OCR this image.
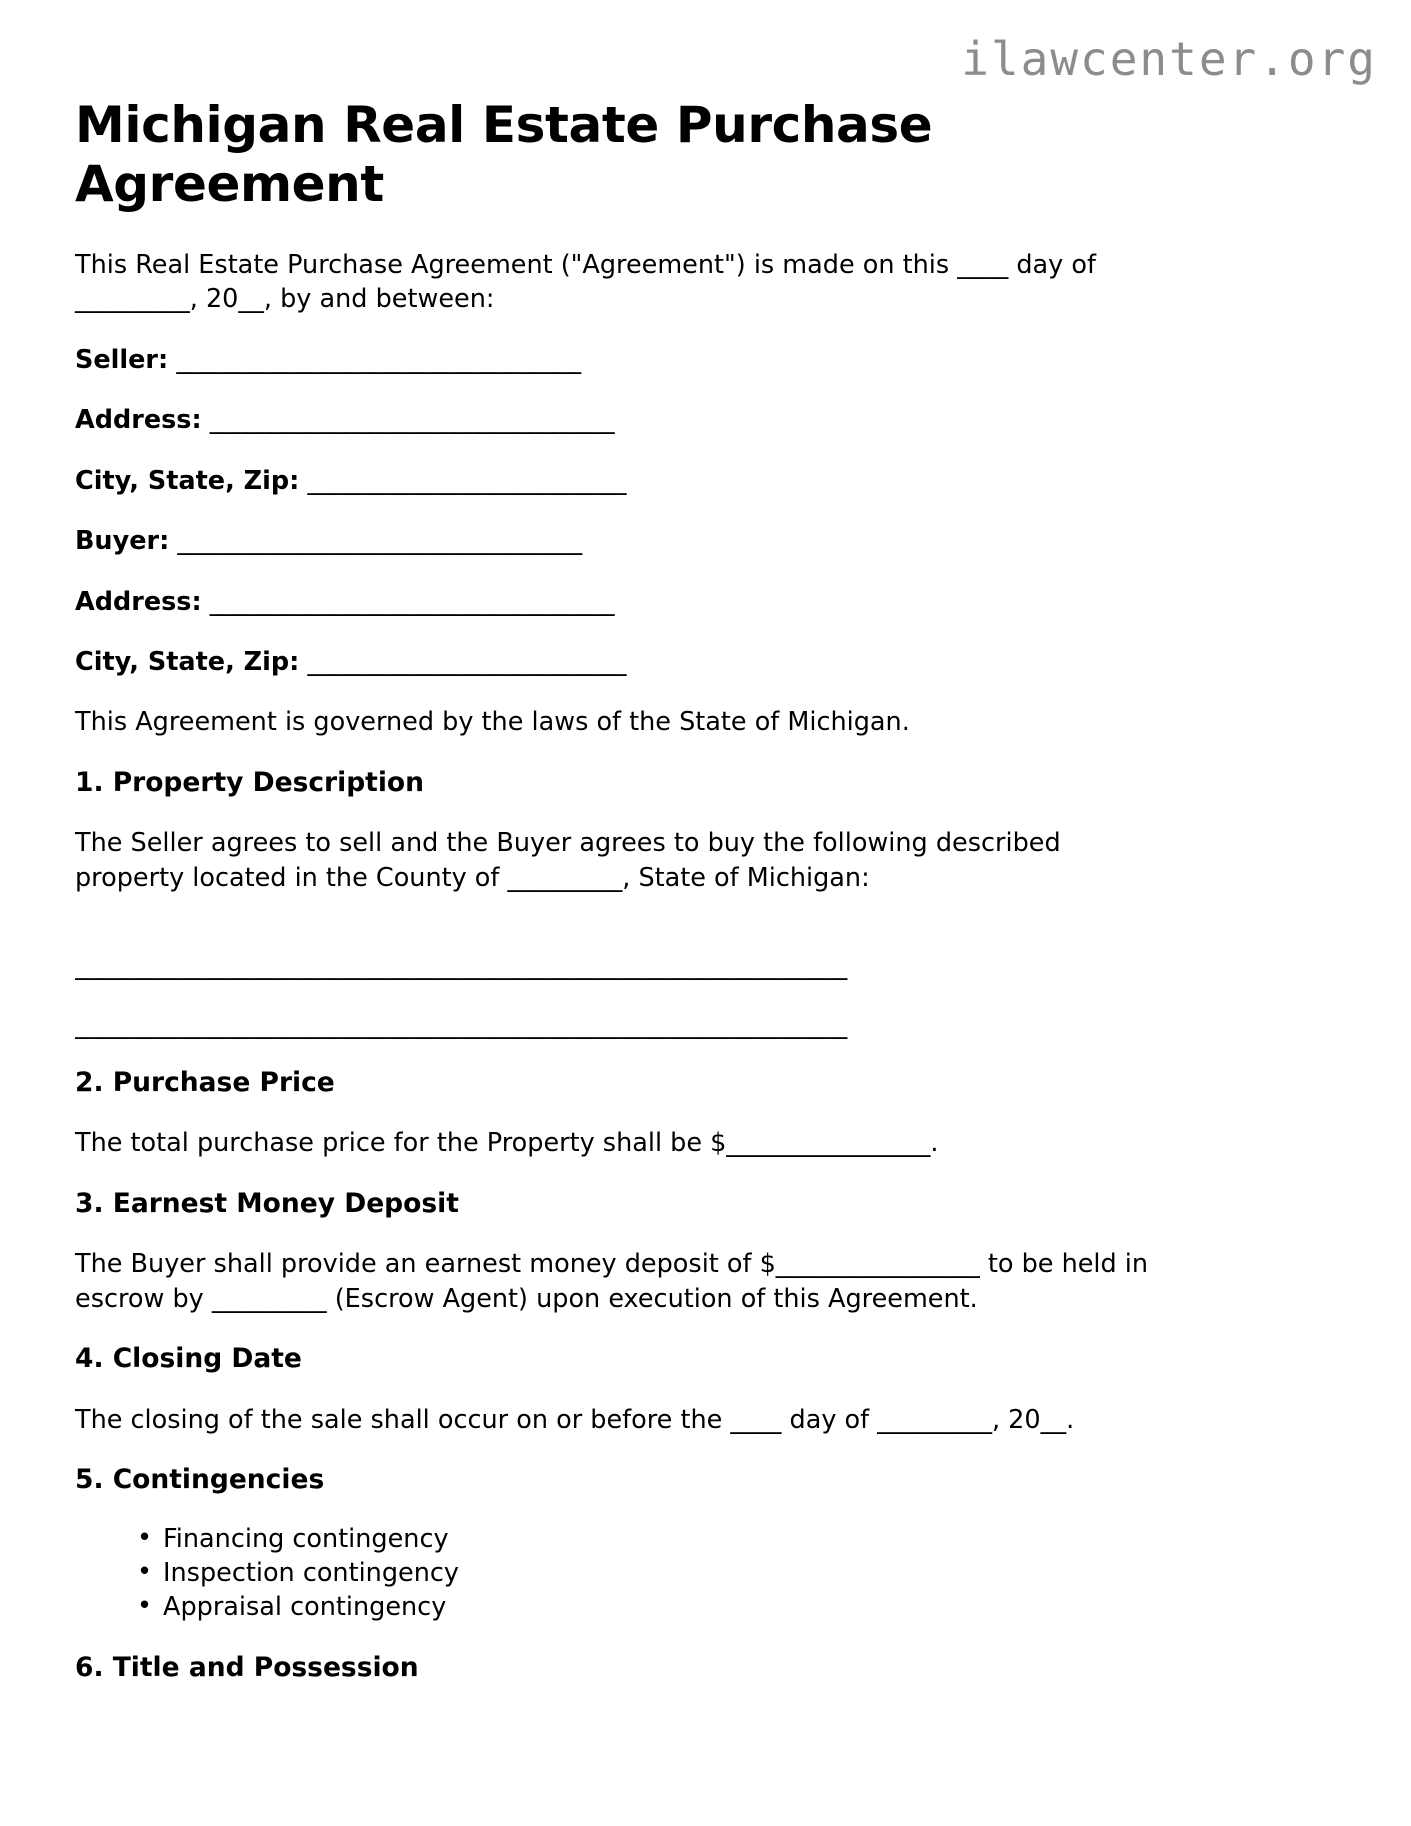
ilawcenter.org
Michigan Real Estate Purchase Agreement

This Real Estate Purchase Agreement ("Agreement") is made on this ____ day of _________, 20__, by and between:

Seller: _________________________________
Address: _________________________________
City, State, Zip: __________________________
Buyer: _________________________________
Address: _________________________________
City, State, Zip: __________________________

This Agreement is governed by the laws of the State of Michigan.

1. Property Description

The Seller agrees to sell and the Buyer agrees to buy the following described property located in the County of _________, State of Michigan:

_______________________________________________________________
_______________________________________________________________
2. Purchase Price

The total purchase price for the Property shall be $________________.

3. Earnest Money Deposit

The Buyer shall provide an earnest money deposit of $________________ to be held in escrow by _________ (Escrow Agent) upon execution of this Agreement.

4. Closing Date

The closing of the sale shall occur on or before the ____ day of _________, 20__.

5. Contingencies
• Financing contingency
• Inspection contingency
• Appraisal contingency
6. Title and Possession
